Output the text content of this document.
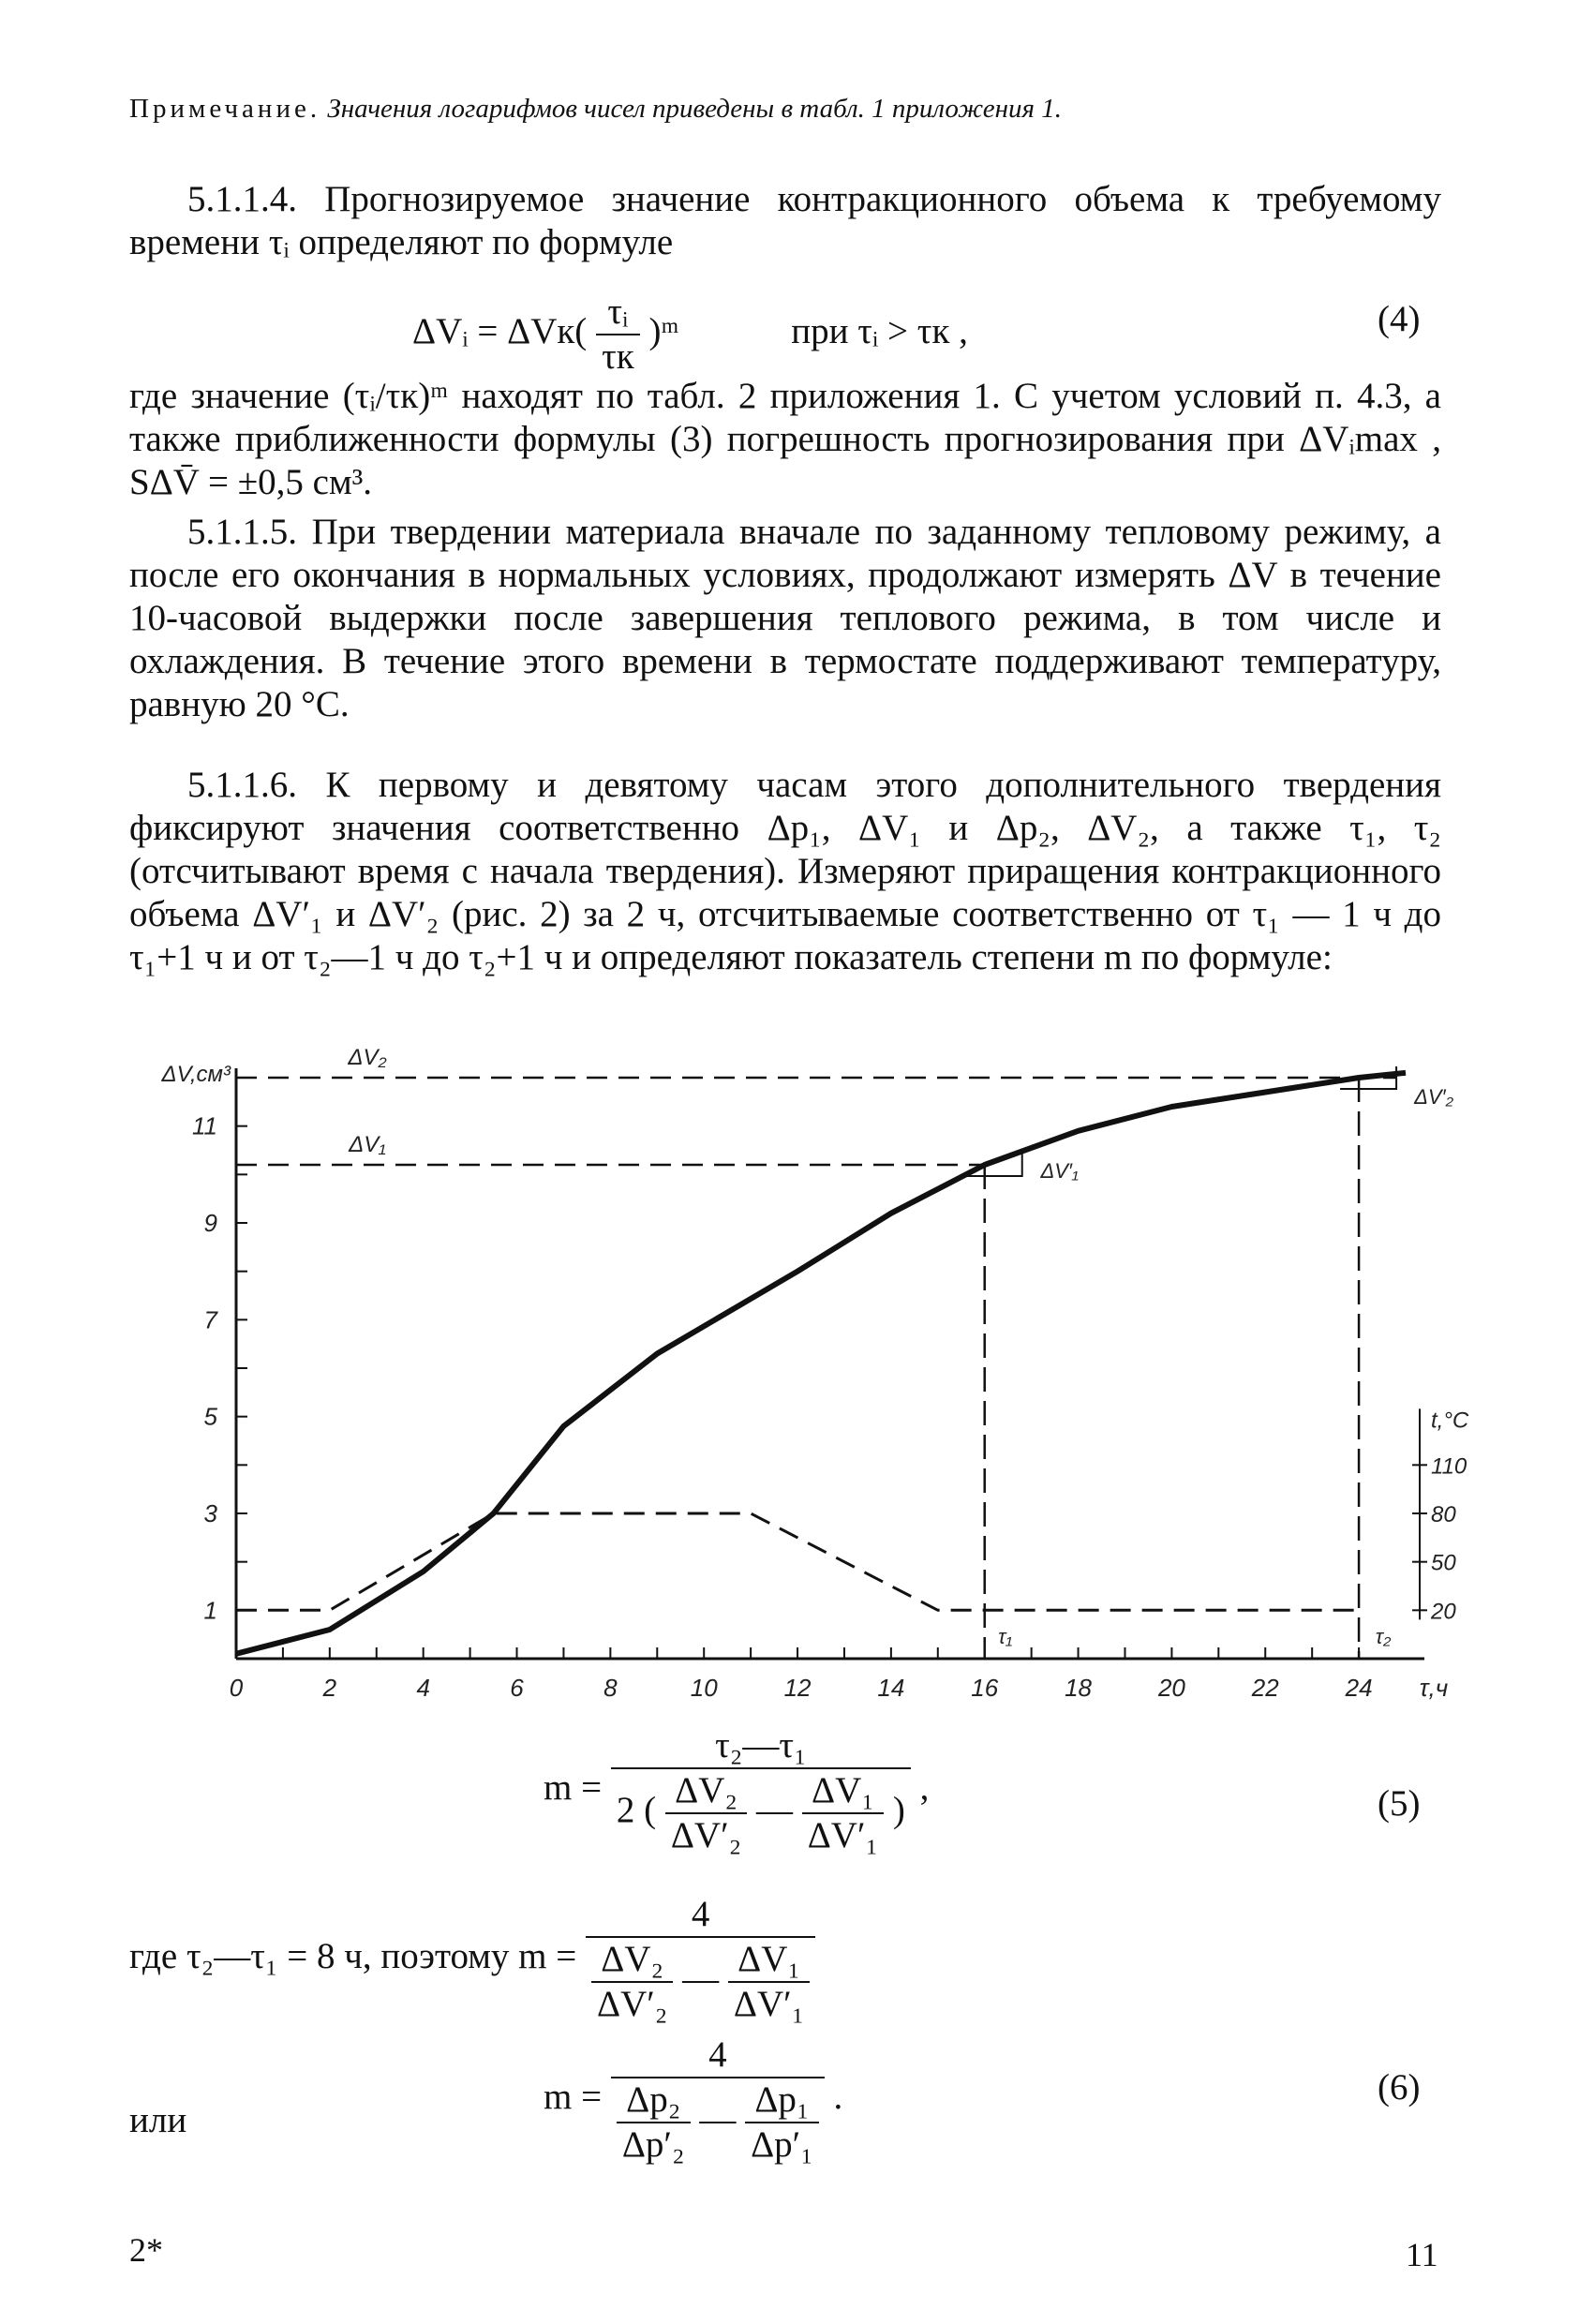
Примечание. Значения логарифмов чисел приведены в табл. 1 приложения 1.

5.1.1.4. Прогнозируемое значение контракционного объема к требуемому времени τᵢ определяют по формуле

ΔVᵢ = $\Delta Vк( \frac{\text{τᵢ}}{\tau к}$ )ᵐ	при τᵢ > τк ,	(4)

где значение (τᵢ/τк)ᵐ находят по табл. 2 приложения 1. С учетом условий п. 4.3, а также приближенности формулы (3) погрешность прогнозирования при ΔVᵢmax , SΔV̄ = ±0,5 см³.

5.1.1.5. При твердении материала вначале по заданному тепловому режиму, а после его окончания в нормальных условиях, продолжают измерять ΔV в течение 10-часовой выдержки после завершения теплового режима, в том числе и охлаждения. В течение этого времени в термостате поддерживают температуру, равную 20 °С.

5.1.1.6. К первому и девятому часам этого дополнительного твердения фиксируют значения соответственно Δp₁, ΔV₁ и Δp₂, ΔV₂, а также τ₁, τ₂ (отсчитывают время с начала твердения). Измеряют приращения контракционного объема ΔV′₁ и ΔV′₂ (рис. 2) за 2 ч, отсчитываемые соответственно от τ₁ — 1 ч до τ₁+1 ч и от τ₂—1 ч до τ₂+1 ч и определяют показатель степени m по формуле:

1
3
5
7
9
11
ΔV,см³
0	2	4	6	8	10	12	14	16	18	20	22	24 τ,ч
110
80
50
20
t,°C
ΔV₁
ΔV₂
ΔV′₁
ΔV′₂
τ₁	τ₂
m =
τ₂—τ₁
2 ( $\frac{\text{ΔV₂}}{\text{ΔV′₂}}$ — $\frac{\text{ΔV₁}}{\text{ΔV′₁}}$ )
,	(5)
где τ₂—τ₁ = 8 ч, поэтому m =
4
$\frac{\text{ΔV₂}}{\text{ΔV′₂}}$ — $\frac{\text{ΔV₁}}{\text{ΔV′₁}}$
или
m =
4
$\frac{\text{Δp₂}}{\text{Δp′₂}}$ — $\frac{\text{Δp₁}}{\text{Δp′₁}}$ .	(6)
2*	11
